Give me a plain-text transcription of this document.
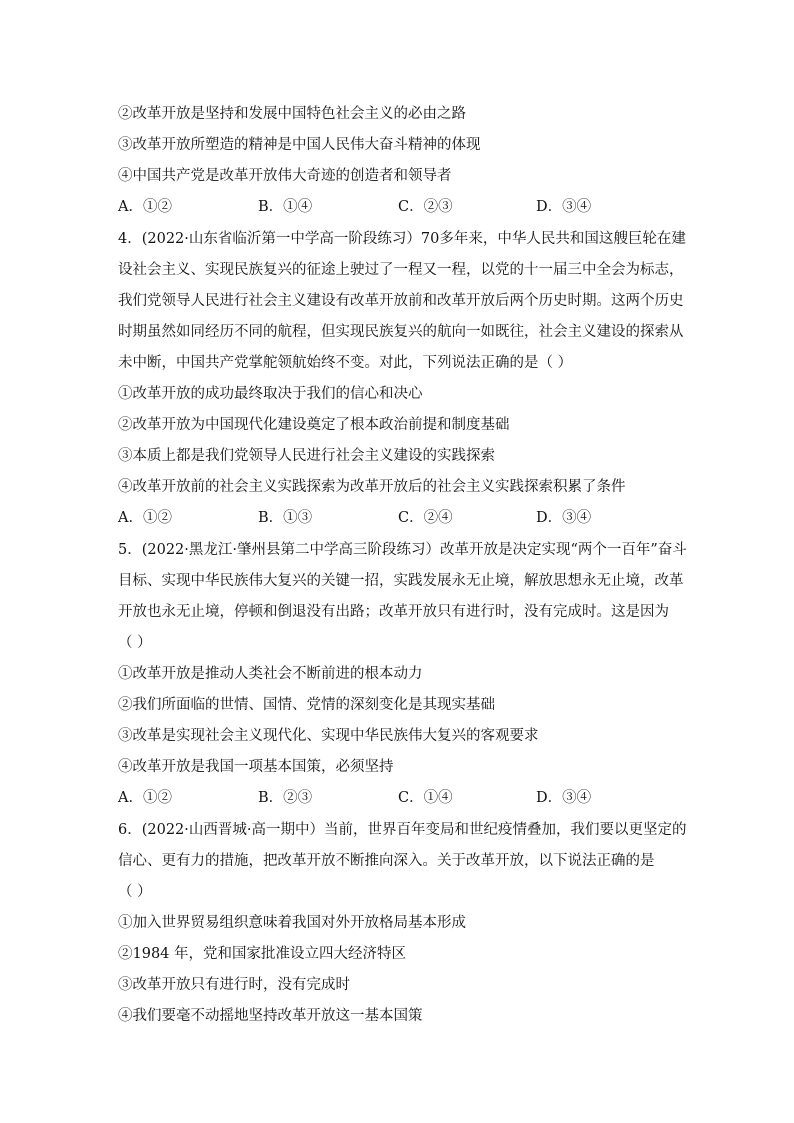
②改革开放是坚持和发展中国特色社会主义的必由之路
③改革开放所塑造的精神是中国人民伟大奋斗精神的体现
④中国共产党是改革开放伟大奇迹的创造者和领导者
A．①②	B．①④	C．②③	D．③④
4．(2022·山东省临沂第一中学高一阶段练习）70多年来，中华人民共和国这艘巨轮在建
设社会主义、实现民族复兴的征途上驶过了一程又一程，以党的十一届三中全会为标志，
我们党领导人民进行社会主义建设有改革开放前和改革开放后两个历史时期。这两个历史
时期虽然如同经历不同的航程，但实现民族复兴的航向一如既往，社会主义建设的探索从
未中断，中国共产党掌舵领航始终不变。对此，下列说法正确的是（ ）
①改革开放的成功最终取决于我们的信心和决心
②改革开放为中国现代化建设奠定了根本政治前提和制度基础
③本质上都是我们党领导人民进行社会主义建设的实践探索
④改革开放前的社会主义实践探索为改革开放后的社会主义实践探索积累了条件
A．①②	B．①③	C．②④	D．③④
5．(2022·黑龙江·肇州县第二中学高三阶段练习）改革开放是决定实现“两个一百年”奋斗
目标、实现中华民族伟大复兴的关键一招，实践发展永无止境，解放思想永无止境，改革
开放也永无止境，停顿和倒退没有出路；改革开放只有进行时，没有完成时。这是因为
（ ）
①改革开放是推动人类社会不断前进的根本动力
②我们所面临的世情、国情、党情的深刻变化是其现实基础
③改革是实现社会主义现代化、实现中华民族伟大复兴的客观要求
④改革开放是我国一项基本国策，必须坚持
A．①②	B．②③	C．①④	D．③④
6．(2022·山西晋城·高一期中）当前，世界百年变局和世纪疫情叠加，我们要以更坚定的
信心、更有力的措施，把改革开放不断推向深入。关于改革开放，以下说法正确的是
（ ）
①加入世界贸易组织意味着我国对外开放格局基本形成
②1984 年，党和国家批准设立四大经济特区
③改革开放只有进行时，没有完成时
④我们要毫不动摇地坚持改革开放这一基本国策
